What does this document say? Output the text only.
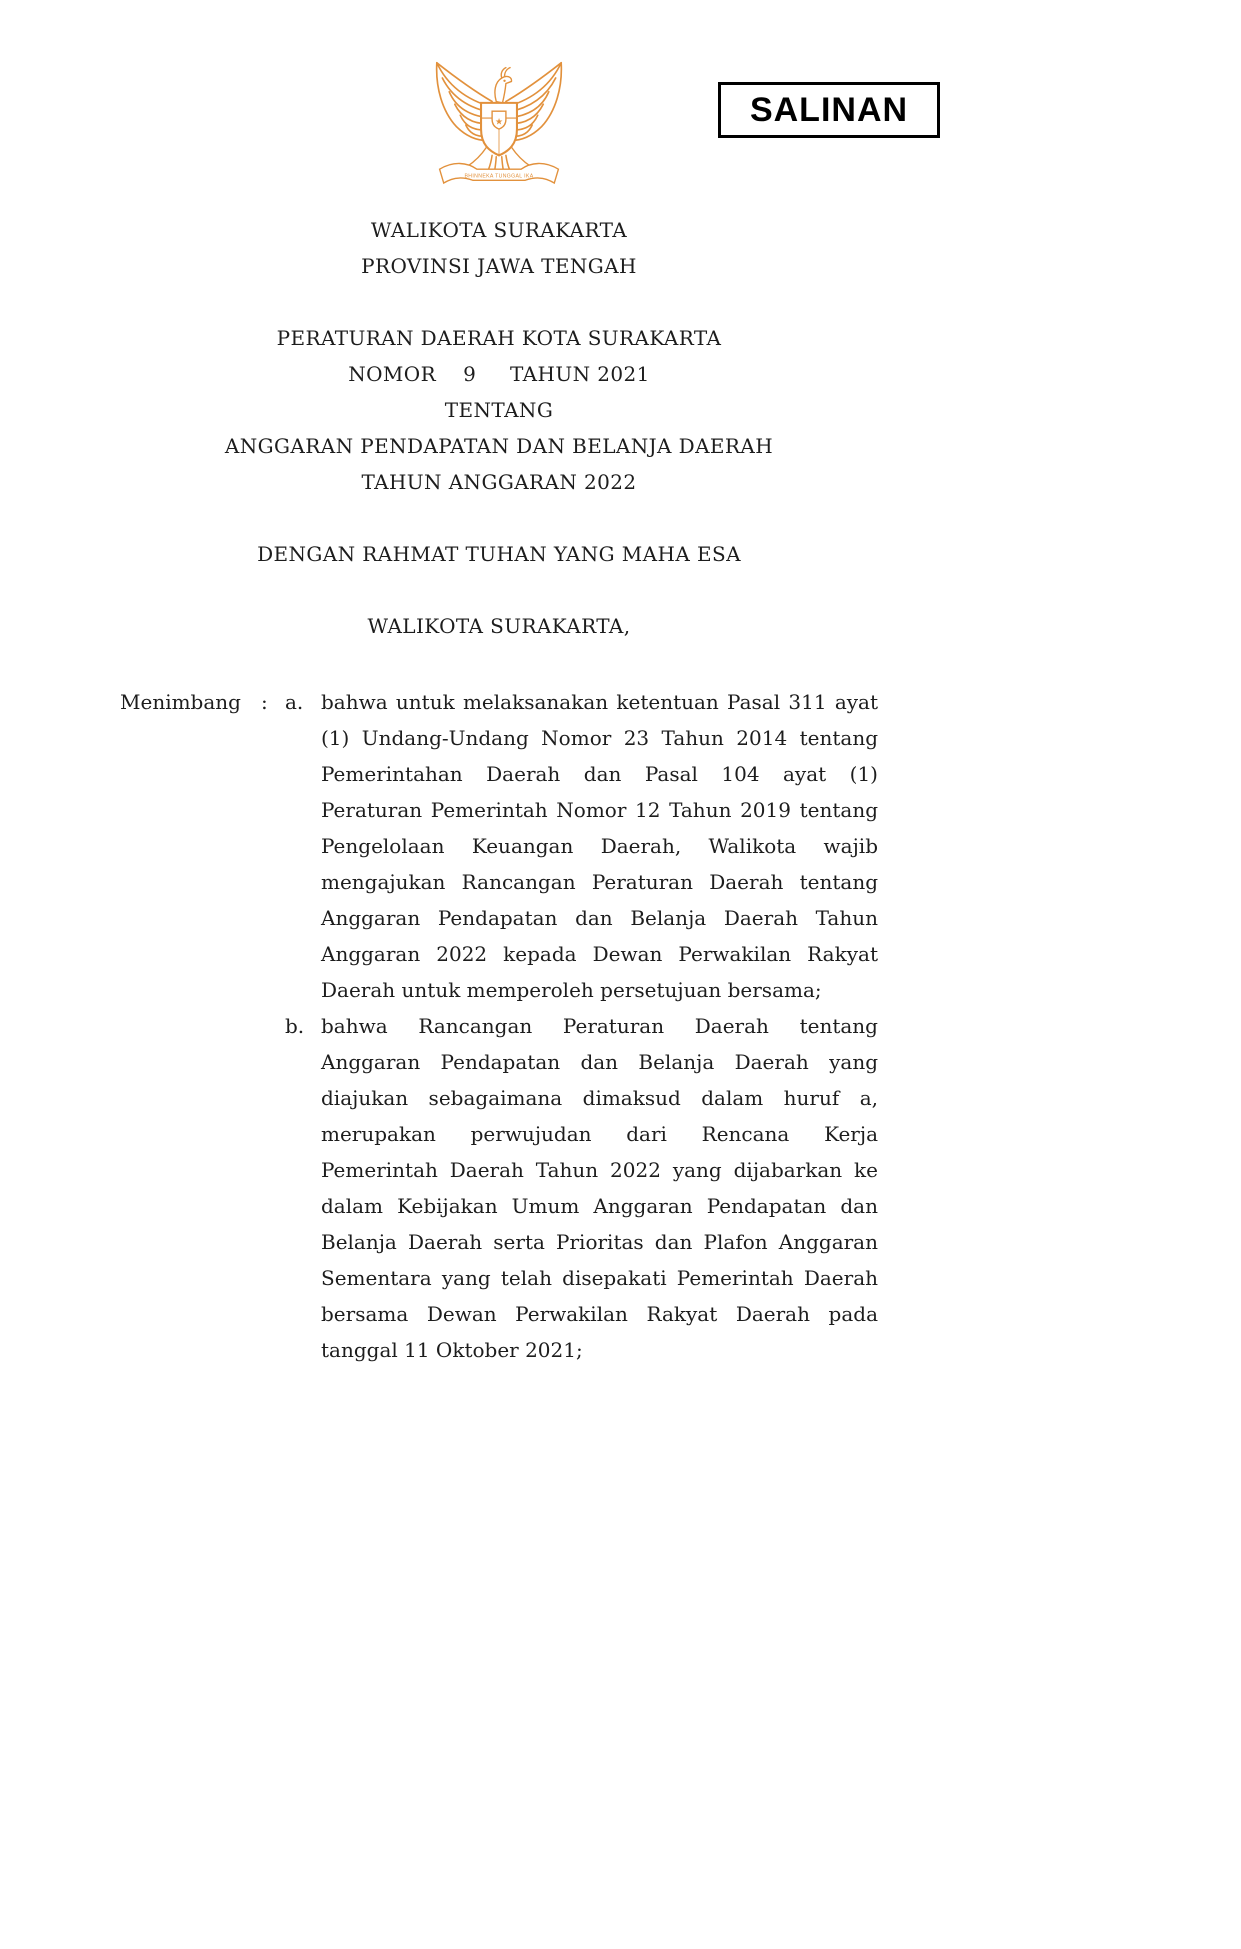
SALINAN
★
BHINNEKA TUNGGAL IKA
WALIKOTA SURAKARTA
PROVINSI JAWA TENGAH
PERATURAN DAERAH KOTA SURAKARTA
NOMOR    9     TAHUN 2021
TENTANG
ANGGARAN PENDAPATAN DAN BELANJA DAERAH
TAHUN ANGGARAN 2022
DENGAN RAHMAT TUHAN YANG MAHA ESA
WALIKOTA SURAKARTA,
Menimbang	: a. bahwa untuk melaksanakan ketentuan Pasal 311 ayat (1) Undang-Undang Nomor 23 Tahun 2014 tentang Pemerintahan Daerah dan Pasal 104 ayat (1) Peraturan Pemerintah Nomor 12 Tahun 2019 tentang Pengelolaan Keuangan Daerah, Walikota wajib mengajukan Rancangan Peraturan Daerah tentang Anggaran Pendapatan dan Belanja Daerah Tahun Anggaran 2022 kepada Dewan Perwakilan Rakyat Daerah untuk memperoleh persetujuan bersama;
b. bahwa Rancangan Peraturan Daerah tentang Anggaran Pendapatan dan Belanja Daerah yang diajukan sebagaimana dimaksud dalam huruf a, merupakan perwujudan dari Rencana Kerja Pemerintah Daerah Tahun 2022 yang dijabarkan ke dalam Kebijakan Umum Anggaran Pendapatan dan Belanja Daerah serta Prioritas dan Plafon Anggaran Sementara yang telah disepakati Pemerintah Daerah bersama Dewan Perwakilan Rakyat Daerah pada tanggal 11 Oktober 2021;
